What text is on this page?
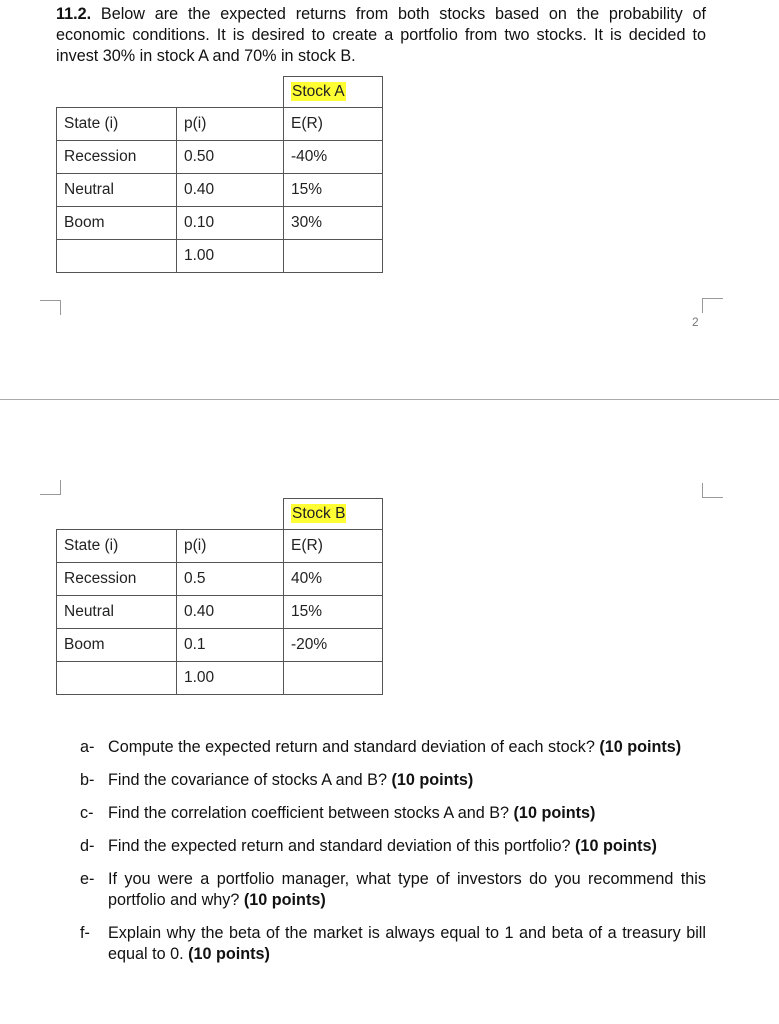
11.2. Below are the expected returns from both stocks based on the probability of economic conditions. It is desired to create a portfolio from two stocks. It is decided to invest 30% in stock A and 70% in stock B.
		Stock A
State (i)	p(i)	E(R)
Recession	0.50	-40%
Neutral	0.40	15%
Boom	0.10	30%
	1.00	
2
		Stock B
State (i)	p(i)	E(R)
Recession	0.5	40%
Neutral	0.40	15%
Boom	0.1	-20%
	1.00	
a- Compute the expected return and standard deviation of each stock? (10 points)
b- Find the covariance of stocks A and B? (10 points)
c- Find the correlation coefficient between stocks A and B? (10 points)
d- Find the expected return and standard deviation of this portfolio? (10 points)
e- If you were a portfolio manager, what type of investors do you recommend this portfolio and why? (10 points)
f-	Explain why the beta of the market is always equal to 1 and beta of a treasury bill equal to 0. (10 points)
